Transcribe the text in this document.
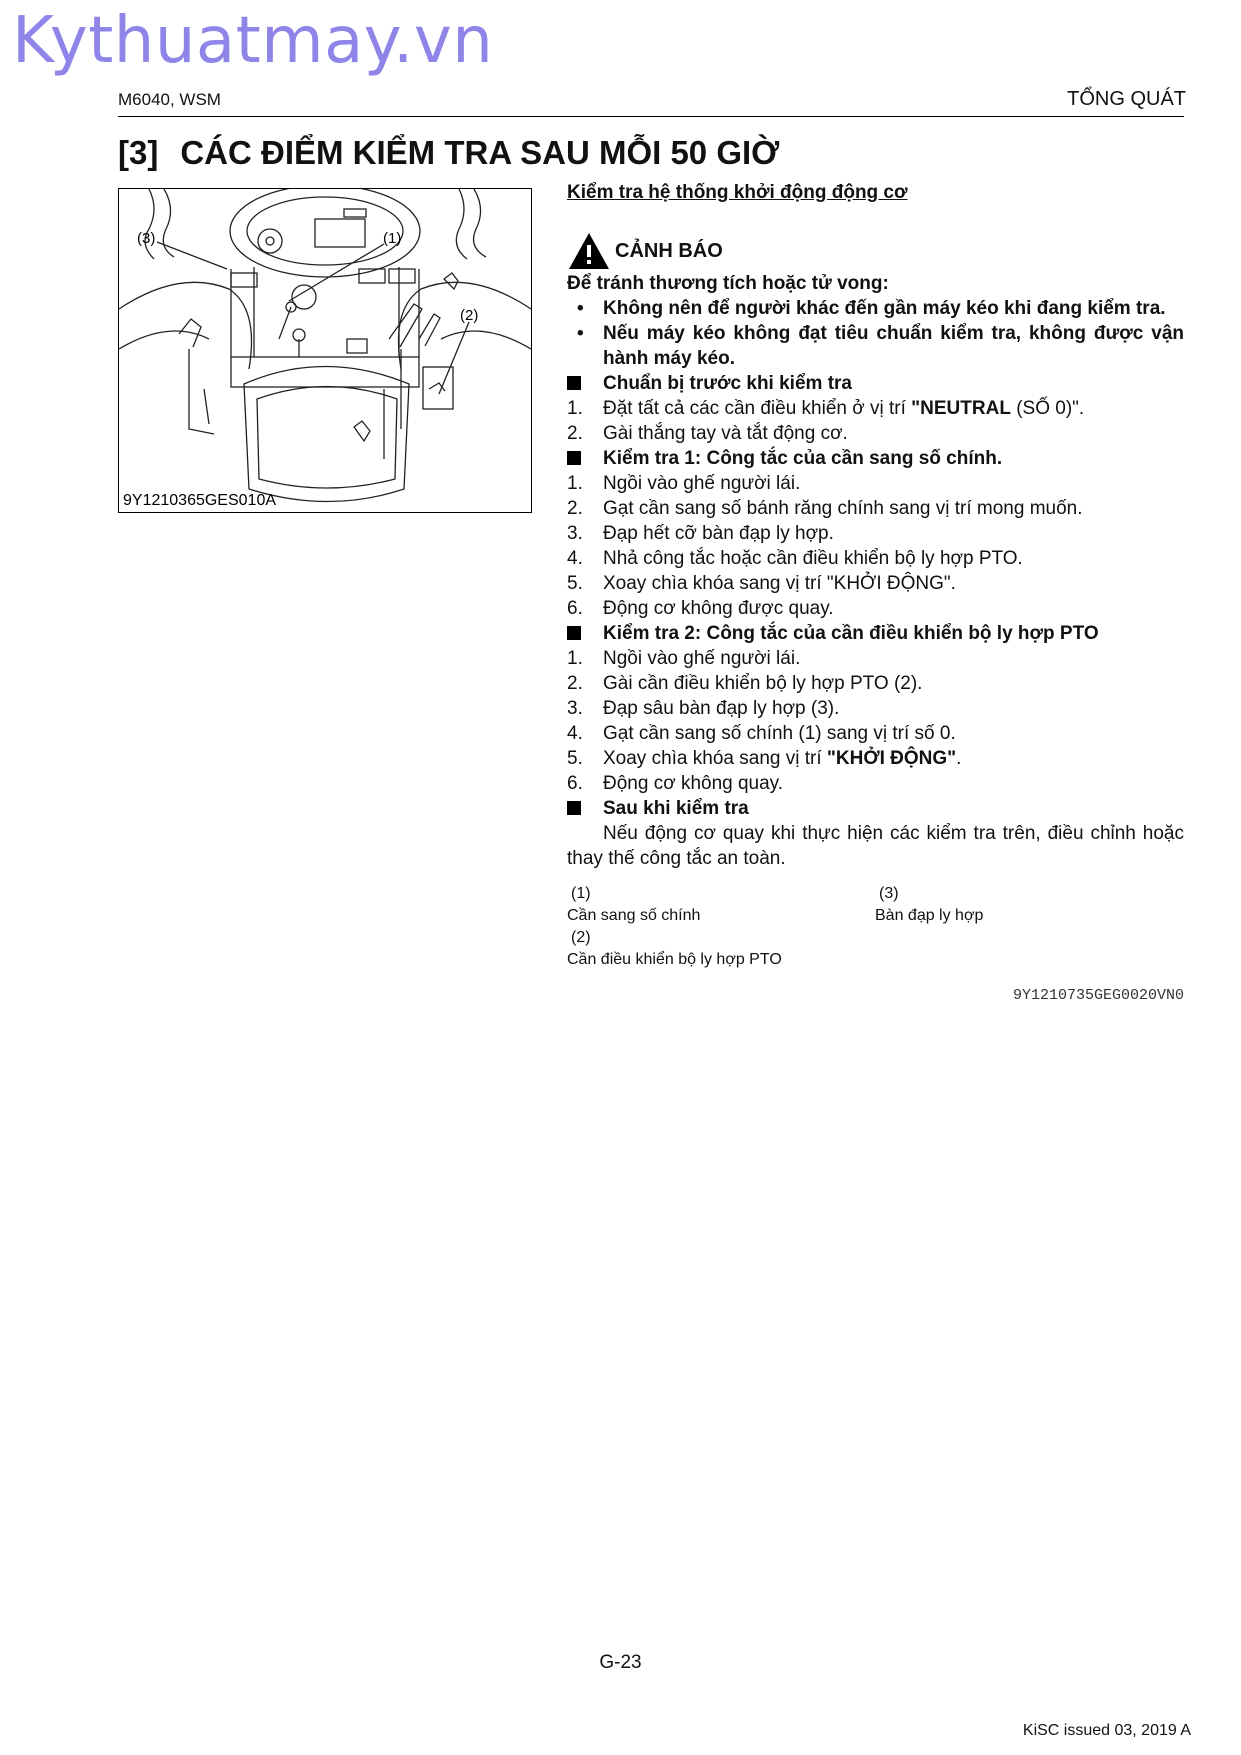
Kythuatmay.vn
M6040, WSM	TỔNG QUÁT
[3] CÁC ĐIỂM KIỂM TRA SAU MỖI 50 GIỜ
(3)	(1)
(2)
9Y1210365GES010A

Kiểm tra hệ thống khởi động động cơ

CẢNH BÁO

Để tránh thương tích hoặc tử vong:

• Không nên để người khác đến gần máy kéo khi đang kiểm tra.
• Nếu máy kéo không đạt tiêu chuẩn kiểm tra, không được vận hành máy kéo.

Chuẩn bị trước khi kiểm tra

1. Đặt tất cả các cần điều khiển ở vị trí "NEUTRAL (SỐ 0)".

2. Gài thắng tay và tắt động cơ.

Kiểm tra 1: Công tắc của cần sang số chính.

1. Ngồi vào ghế người lái.

2. Gạt cần sang số bánh răng chính sang vị trí mong muốn.

3. Đạp hết cỡ bàn đạp ly hợp.

4. Nhả công tắc hoặc cần điều khiển bộ ly hợp PTO.

5. Xoay chìa khóa sang vị trí "KHỞI ĐỘNG".

6. Động cơ không được quay.

Kiểm tra 2: Công tắc của cần điều khiển bộ ly hợp PTO

1. Ngồi vào ghế người lái.

2. Gài cần điều khiển bộ ly hợp PTO (2).

3. Đạp sâu bàn đạp ly hợp (3).

4. Gạt cần sang số chính (1) sang vị trí số 0.

5. Xoay chìa khóa sang vị trí "KHỞI ĐỘNG".

6. Động cơ không quay.

Sau khi kiểm tra

Nếu động cơ quay khi thực hiện các kiểm tra trên, điều chỉnh hoặc thay thế công tắc an toàn.

(1)
Cần sang số chính
(3)
Bàn đạp ly hợp
(2)
Cần điều khiển bộ ly hợp PTO

9Y1210735GEG0020VN0

G-23
KiSC issued 03, 2019 A
